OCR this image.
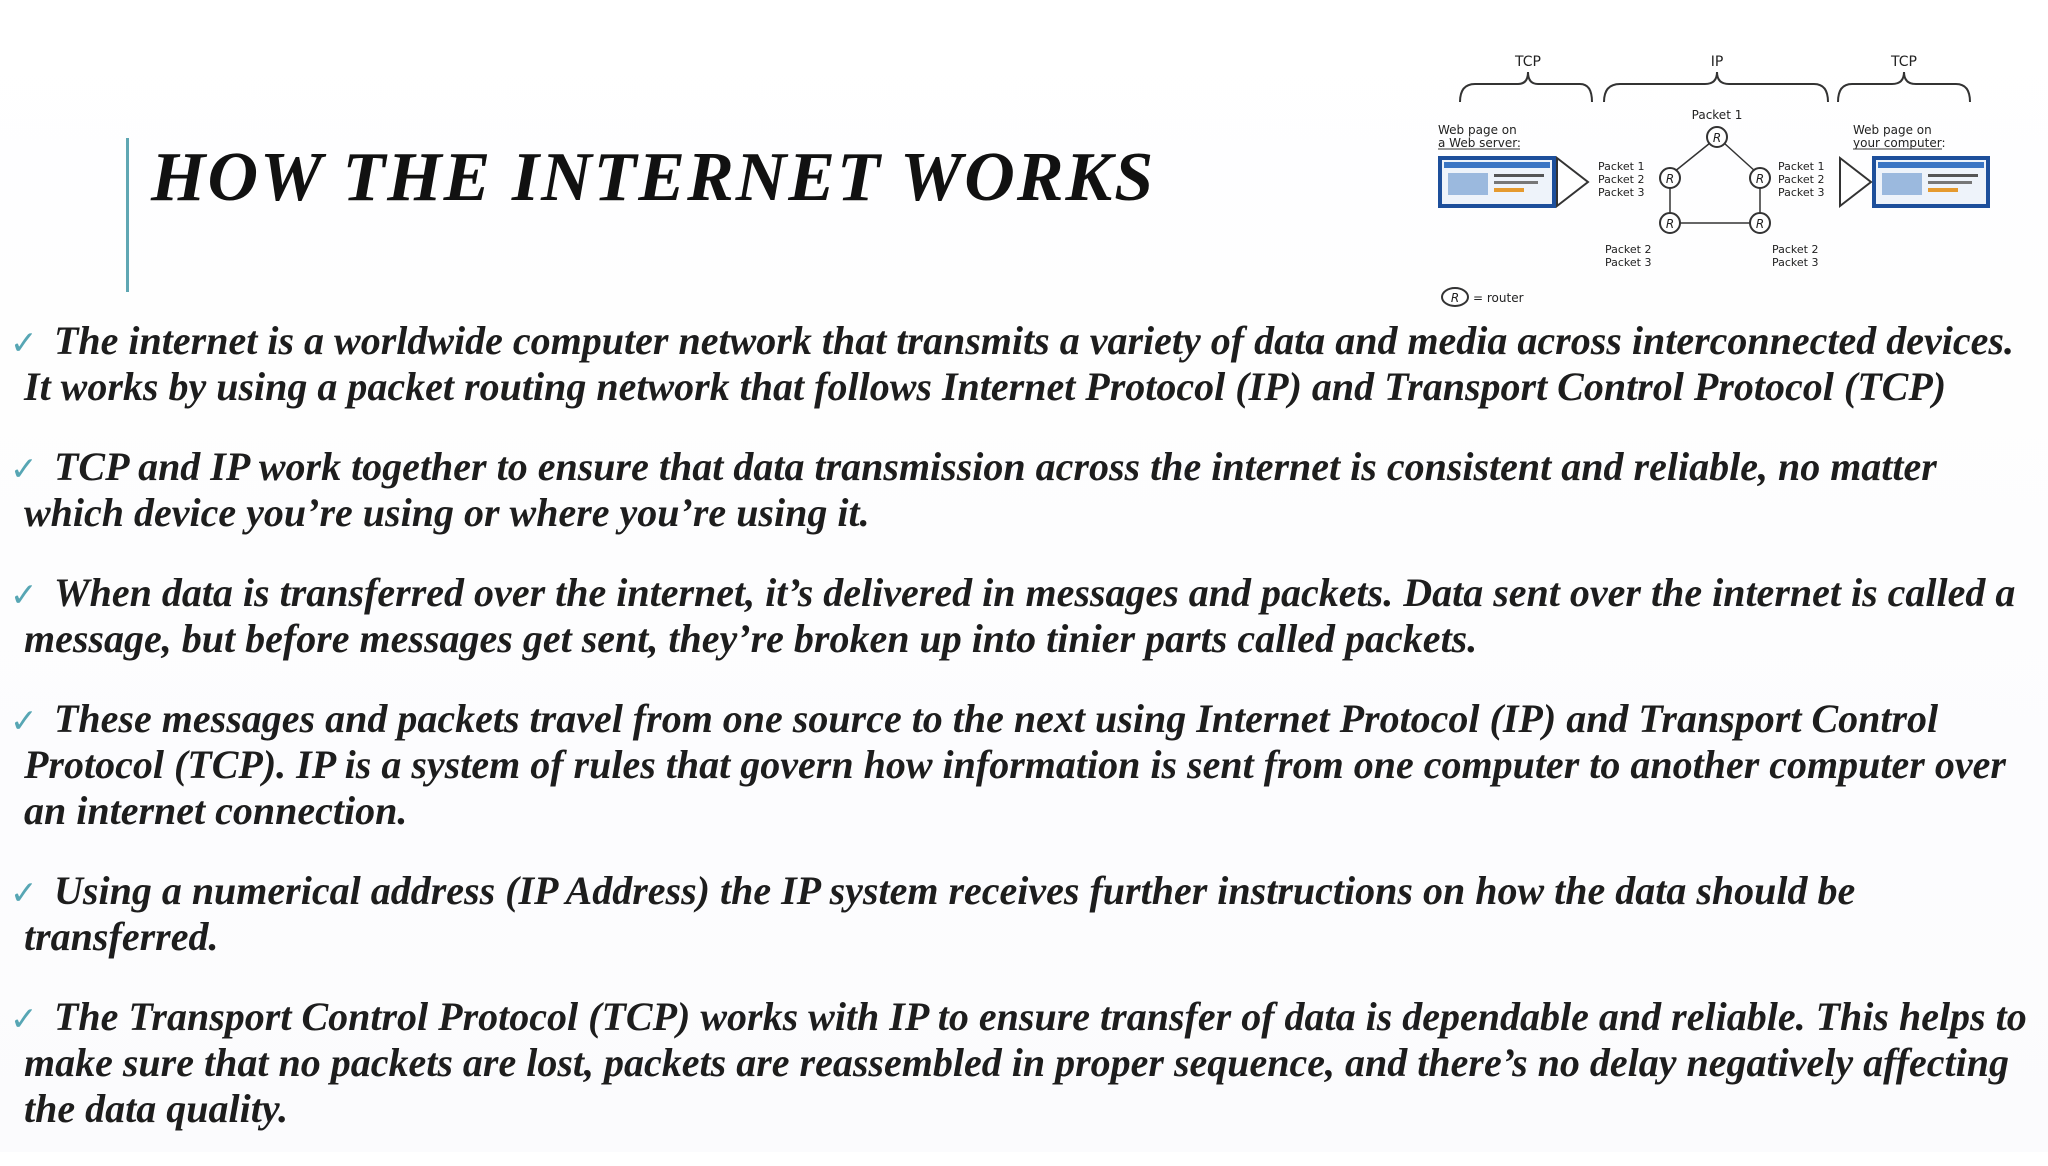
HOW THE INTERNET WORKS
TCP	IP	TCP
Web page on
a Web server:
Web page on
your computer:
R
R	R
R	R
Packet 1
Packet 1
Packet 2
Packet 3
Packet 1
Packet 2
Packet 3
Packet 2
Packet 3
Packet 2
Packet 3
R = router
✓ The internet is a worldwide computer network that transmits a variety of data and media across interconnected devices. It works by using a packet routing network that follows Internet Protocol (IP) and Transport Control Protocol (TCP)
✓ TCP and IP work together to ensure that data transmission across the internet is consistent and reliable, no matter which device you’re using or where you’re using it.
✓ When data is transferred over the internet, it’s delivered in messages and packets. Data sent over the internet is called a message, but before messages get sent, they’re broken up into tinier parts called packets.
✓ These messages and packets travel from one source to the next using Internet Protocol (IP) and Transport Control Protocol (TCP). IP is a system of rules that govern how information is sent from one computer to another computer over an internet connection.
✓ Using a numerical address (IP Address) the IP system receives further instructions on how the data should be transferred.
✓ The Transport Control Protocol (TCP) works with IP to ensure transfer of data is dependable and reliable. This helps to make sure that no packets are lost, packets are reassembled in proper sequence, and there’s no delay negatively affecting the data quality.
